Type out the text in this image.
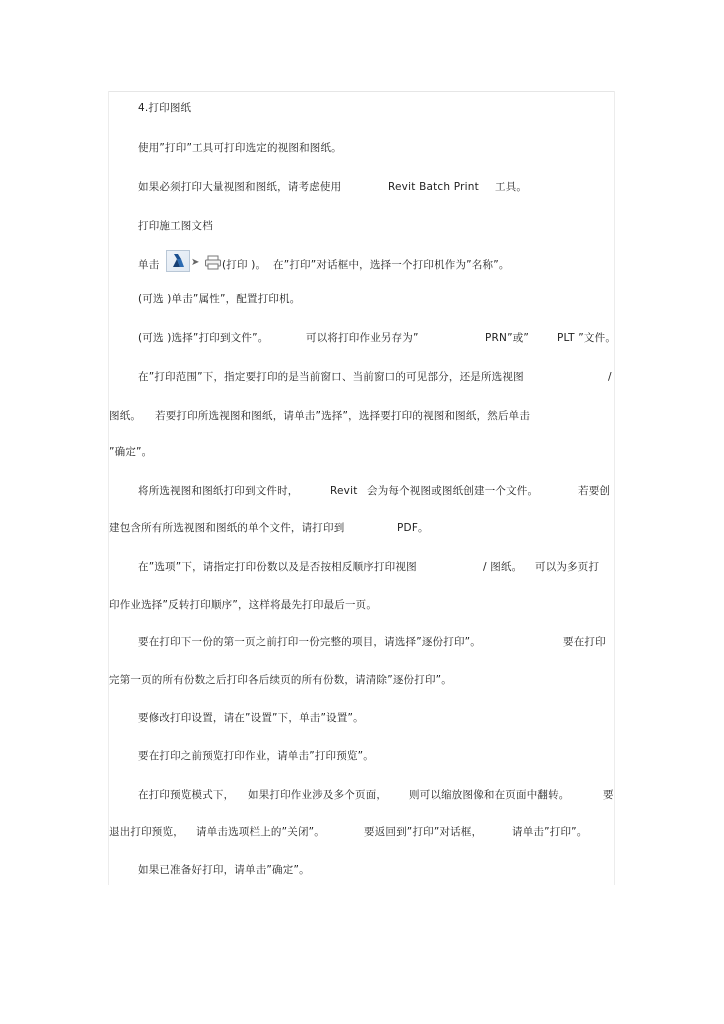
4.打印图纸
使用”打印”工具可打印选定的视图和图纸。
如果必须打印大量视图和图纸，请考虑使用	Revit Batch Print 工具。
打印施工图文档
单击	➤	(打印 )。 在”打印”对话框中，选择一个打印机作为”名称”。
(可选 )单击”属性”，配置打印机。
(可选 )选择”打印到文件”。	可以将打印作业另存为”	PRN”或”	PLT ”文件。
在”打印范围”下，指定要打印的是当前窗口、当前窗口的可见部分，还是所选视图	/
图纸。 若要打印所选视图和图纸，请单击”选择”，选择要打印的视图和图纸，然后单击
”确定”。
将所选视图和图纸打印到文件时，	Revit 会为每个视图或图纸创建一个文件。	若要创
建包含所有所选视图和图纸的单个文件，请打印到	PDF。
在”选项”下，请指定打印份数以及是否按相反顺序打印视图	/ 图纸。 可以为多页打
印作业选择”反转打印顺序”，这样将最先打印最后一页。
要在打印下一份的第一页之前打印一份完整的项目，请选择”逐份打印”。	要在打印
完第一页的所有份数之后打印各后续页的所有份数，请清除”逐份打印”。
要修改打印设置，请在”设置”下，单击”设置”。
要在打印之前预览打印作业，请单击”打印预览”。
在打印预览模式下， 如果打印作业涉及多个页面， 则可以缩放图像和在页面中翻转。	要
退出打印预览， 请单击选项栏上的”关闭”。	要返回到”打印”对话框，	请单击”打印”。
如果已准备好打印，请单击”确定”。
